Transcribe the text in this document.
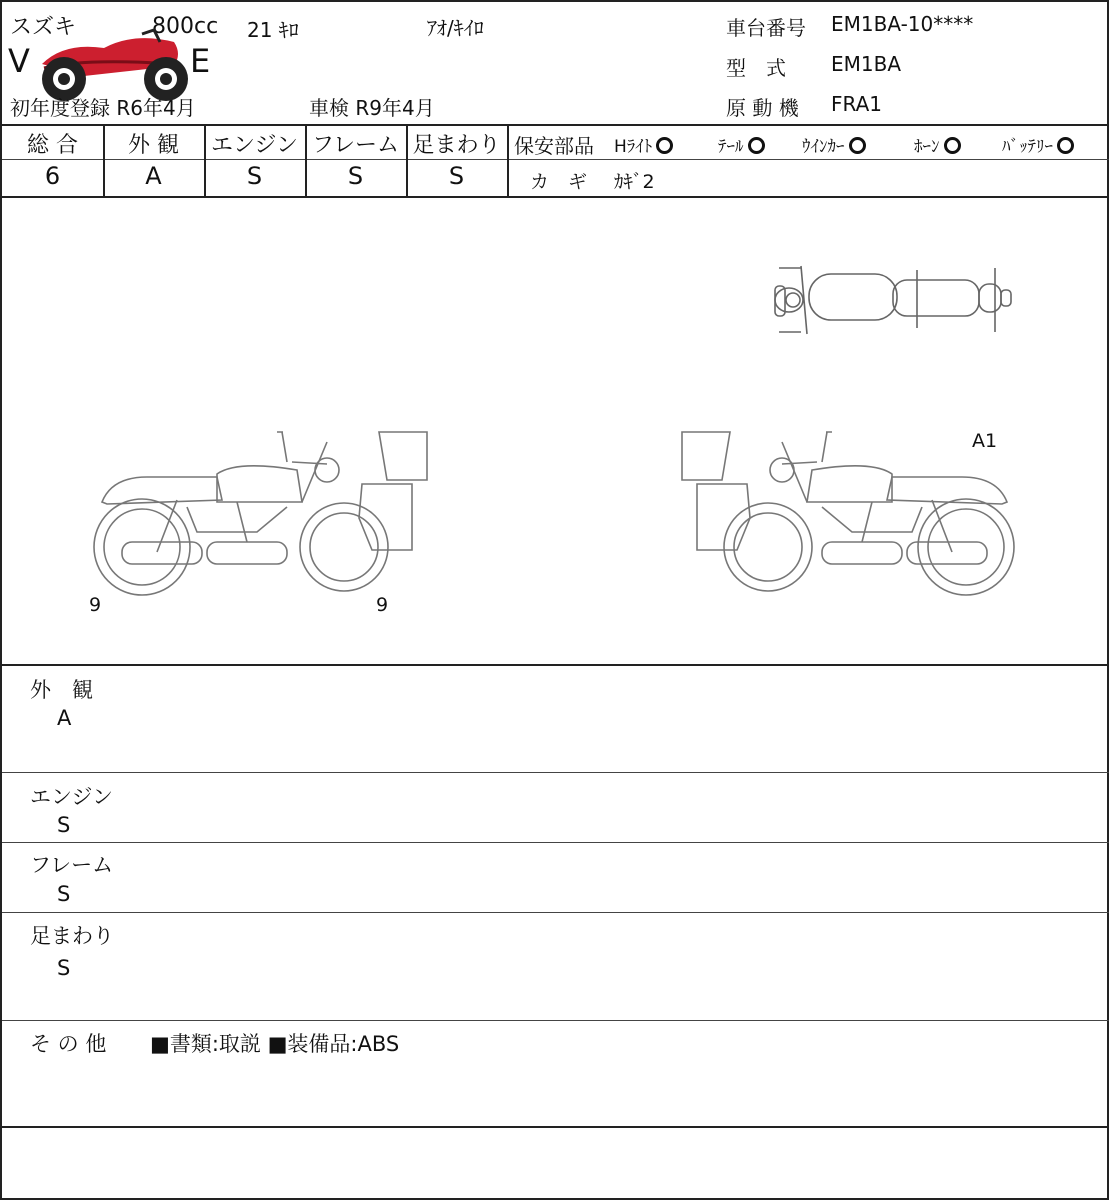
スズキ	800cc 21 ｷﾛ	ｱｵ/ｷｲﾛ
V	E
初年度登録 R6年4月	車検 R9年4月
車台番号 EM1BA-10****
型　式 EM1BA
原 動 機 FRA1
総 合
6
外 観
A
エンジン
S
フレーム
S
足まわり
S
保安部品 Hﾗｲﾄ	ﾃｰﾙ	ｳｲﾝｶｰ	ﾎｰﾝ	ﾊﾞｯﾃﾘｰ
カ　ギ ｶｷﾞ2
9	9
A1
外　観
A
エンジン
S
フレーム
S
足まわり
S
そ の 他 ■書類:取説 ■装備品:ABS
